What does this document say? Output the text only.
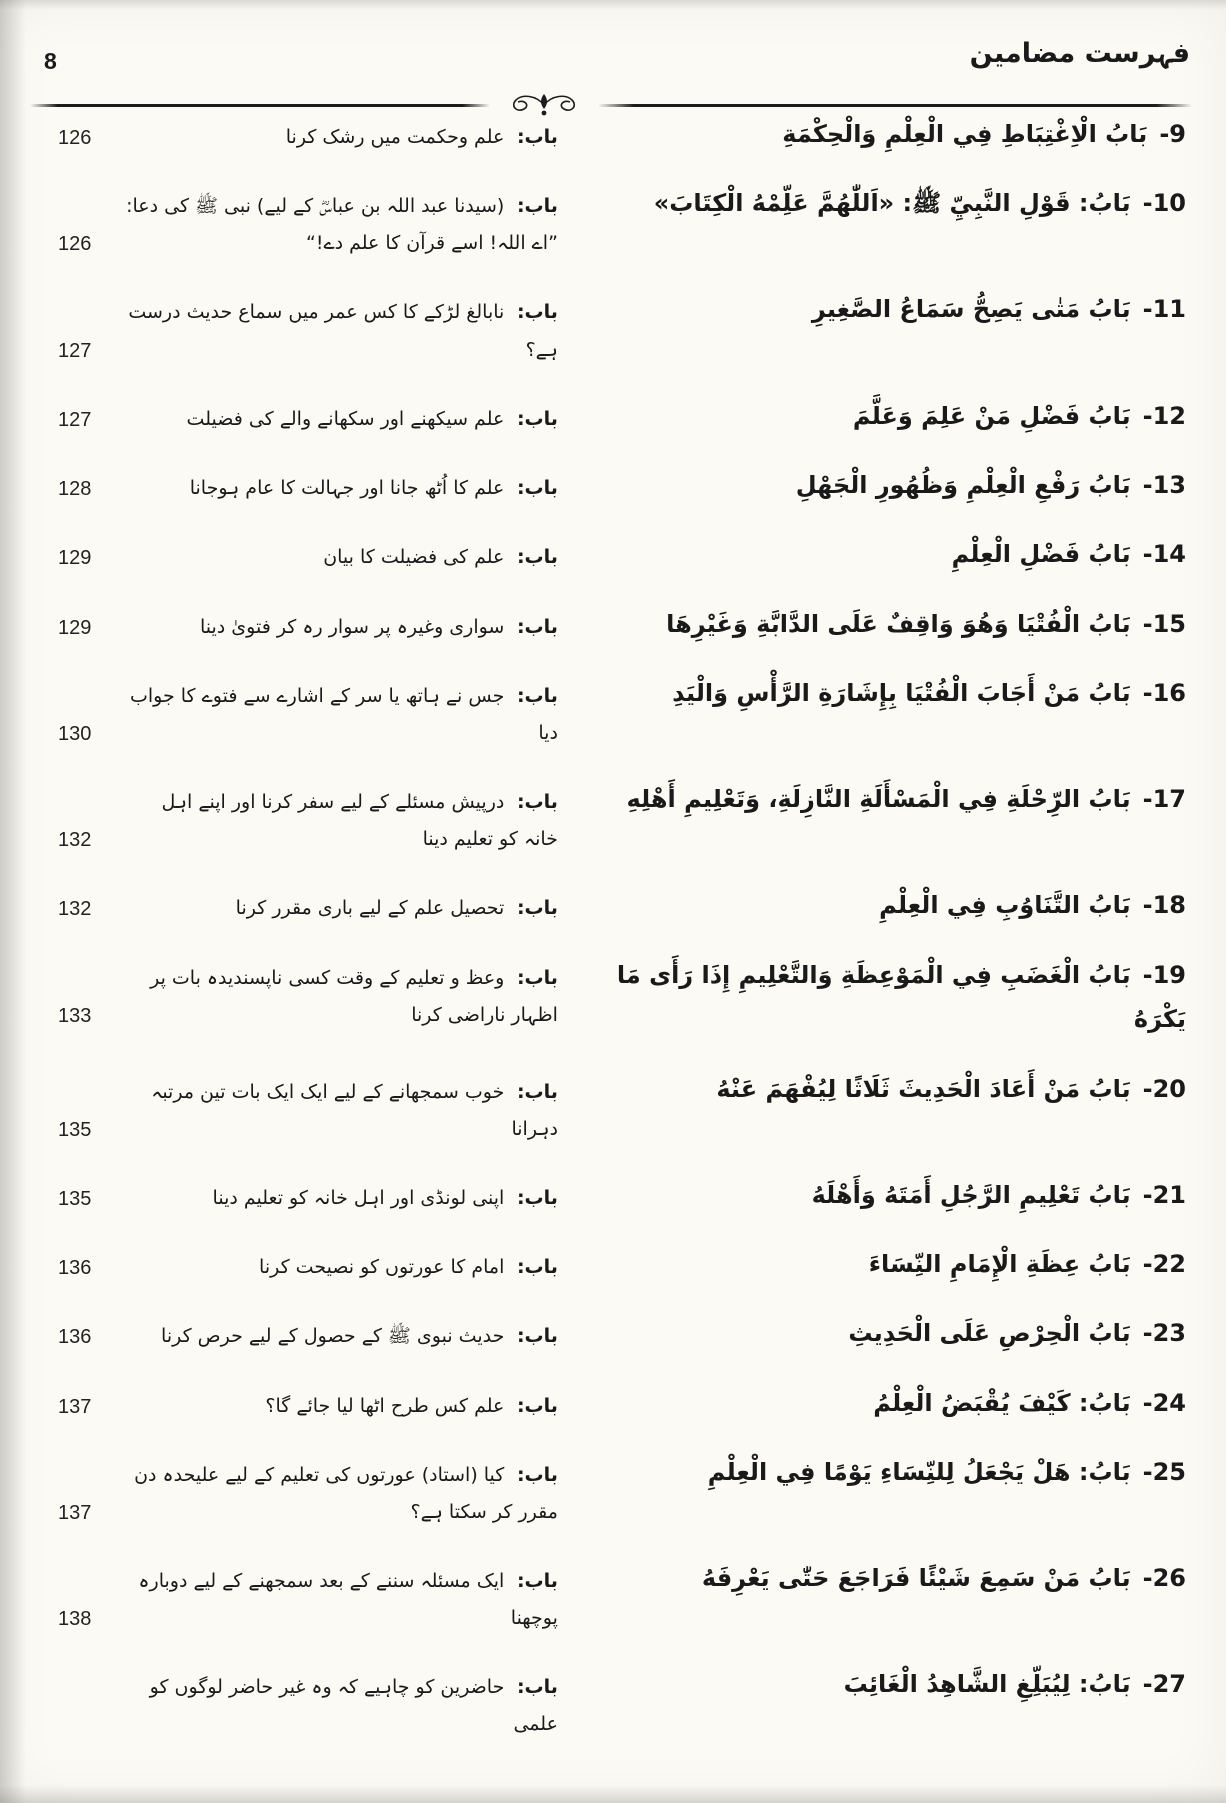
8	فہرست مضامین
9-بَابُ الْاِغْتِبَاطِ فِي الْعِلْمِ وَالْحِكْمَةِ
باب: علم وحکمت میں رشک کرنا
126
10-بَابُ: قَوْلِ النَّبِيِّ ﷺ: «اَللّٰهُمَّ عَلِّمْهُ الْكِتَابَ»
باب: (سیدنا عبد اللہ بن عباسؓ کے لیے) نبی ﷺ کی دعا: ”اے اللہ! اسے قرآن کا علم دے!“
126
11-بَابُ مَتٰى يَصِحُّ سَمَاعُ الصَّغِيرِ
باب: نابالغ لڑکے کا کس عمر میں سماع حدیث درست ہے؟
127
12-بَابُ فَضْلِ مَنْ عَلِمَ وَعَلَّمَ
باب: علم سیکھنے اور سکھانے والے کی فضیلت
127
13-بَابُ رَفْعِ الْعِلْمِ وَظُهُورِ الْجَهْلِ
باب: علم کا اُٹھ جانا اور جہالت کا عام ہوجانا
128
14-بَابُ فَضْلِ الْعِلْمِ
باب: علم کی فضیلت کا بیان
129
15-بَابُ الْفُتْيَا وَهُوَ وَاقِفٌ عَلَى الدَّابَّةِ وَغَيْرِهَا
باب: سواری وغیرہ پر سوار رہ کر فتویٰ دینا
129
16-بَابُ مَنْ أَجَابَ الْفُتْيَا بِإِشَارَةِ الرَّأْسِ وَالْيَدِ
باب: جس نے ہاتھ یا سر کے اشارے سے فتوے کا جواب دیا
130
17-بَابُ الرِّحْلَةِ فِي الْمَسْأَلَةِ النَّازِلَةِ، وَتَعْلِيمِ أَهْلِهِ
باب: درپیش مسئلے کے لیے سفر کرنا اور اپنے اہل خانہ کو تعلیم دینا
132
18-بَابُ التَّنَاوُبِ فِي الْعِلْمِ
باب: تحصیل علم کے لیے باری مقرر کرنا
132
19-بَابُ الْغَضَبِ فِي الْمَوْعِظَةِ وَالتَّعْلِيمِ إِذَا رَأَى مَا يَكْرَهُ
باب: وعظ و تعلیم کے وقت کسی ناپسندیدہ بات پر اظہار ناراضی کرنا
133
20-بَابُ مَنْ أَعَادَ الْحَدِيثَ ثَلَاثًا لِيُفْهَمَ عَنْهُ
باب: خوب سمجھانے کے لیے ایک ایک بات تین مرتبہ دہرانا
135
21-بَابُ تَعْلِيمِ الرَّجُلِ أَمَتَهُ وَأَهْلَهُ
باب: اپنی لونڈی اور اہل خانہ کو تعلیم دینا
135
22-بَابُ عِظَةِ الْإِمَامِ النِّسَاءَ
باب: امام کا عورتوں کو نصیحت کرنا
136
23-بَابُ الْحِرْصِ عَلَى الْحَدِيثِ
باب: حدیث نبوی ﷺ کے حصول کے لیے حرص کرنا
136
24-بَابُ: كَيْفَ يُقْبَضُ الْعِلْمُ
باب: علم کس طرح اٹھا لیا جائے گا؟
137
25-بَابُ: هَلْ يَجْعَلُ لِلنِّسَاءِ يَوْمًا فِي الْعِلْمِ
باب: کیا (استاد) عورتوں کی تعلیم کے لیے علیحدہ دن مقرر کر سکتا ہے؟
137
26-بَابُ مَنْ سَمِعَ شَيْئًا فَرَاجَعَ حَتّٰى يَعْرِفَهُ
باب: ایک مسئلہ سننے کے بعد سمجھنے کے لیے دوبارہ پوچھنا
138
27-بَابُ: لِيُبَلِّغِ الشَّاهِدُ الْغَائِبَ
باب: حاضرین کو چاہیے کہ وہ غیر حاضر لوگوں کو علمی
